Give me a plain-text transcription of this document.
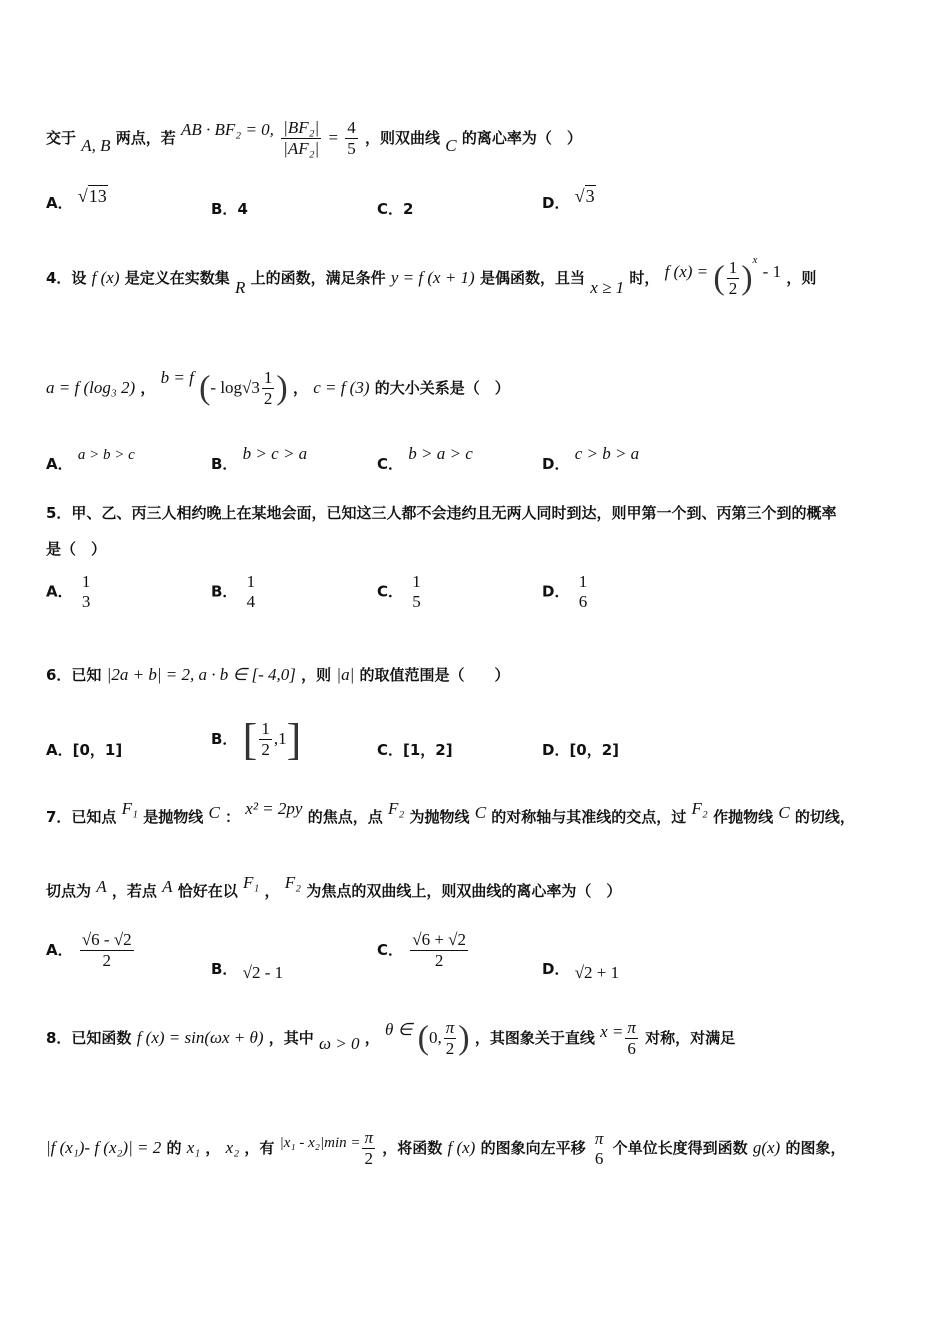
交于 A, B 两点，若 AB · BF₂ = 0, $\frac{\text{|BF₂|}}{\text{|AF₂|}} = \frac{4}{5}$ ，则双曲线 C 的离心率为（　）
A． √13
B．4	C．2	D． √3
4．设 f (x) 是定义在实数集 R 上的函数，满足条件 y = f (x + 1) 是偶函数，且当 x ≥ 1 时， f (x) = ( $\frac{1}{2} )^x - 1$ ，则
a = f (log₃ 2) ， b = f (- $\log√3 \frac{1}{2}$ ) ， c = f (3) 的大小关系是（　）
A． a > b > c	B． b > c > a
C． b > a > c
D． c > b > a
5．甲、乙、丙三人相约晚上在某地会面，已知这三人都不会违约且无两人同时到达，则甲第一个到、丙第三个到的概率
是（　）
A．
1
3
B．
1
4
C．
1
5
D．
1
6
6．已知 |2a + b| = 2, a · b ∈ [- 4,0] ，则 |a| 的取值范围是（　　）
A．[0，1]
B． [ $\frac{1}{2} ,1$]	C．[1，2]	D．[0，2]
7．已知点 F₁ 是抛物线 C ： x² = 2py 的焦点，点 F₂ 为抛物线 C 的对称轴与其准线的交点，过 F₂ 作抛物线 C 的切线，
切点为 A ，若点 A 恰好在以 F₁ ， F₂ 为焦点的双曲线上，则双曲线的离心率为（　）
A． $\frac{√6 - √2}{2}$	B． √2 - 1
C． $\frac{√6 + √2}{2}$	D． √2 + 1
8．已知函数 f (x) = sin(ωx + θ) ，其中 ω > 0 ， θ ∈ (0, $\frac{\pi}{2}$ ) ，其图象关于直线 $x = \frac{\pi}{6}$ 对称，对满足
|f (x₁)- f (x₂)| = 2 的 x₁ ， x₂ ，有 $|x_1 - x_2|\min = \frac{\pi}{2}$ ，将函数 f (x) 的图象向左平移
π
6
个单位长度得到函数 g(x) 的图象，
